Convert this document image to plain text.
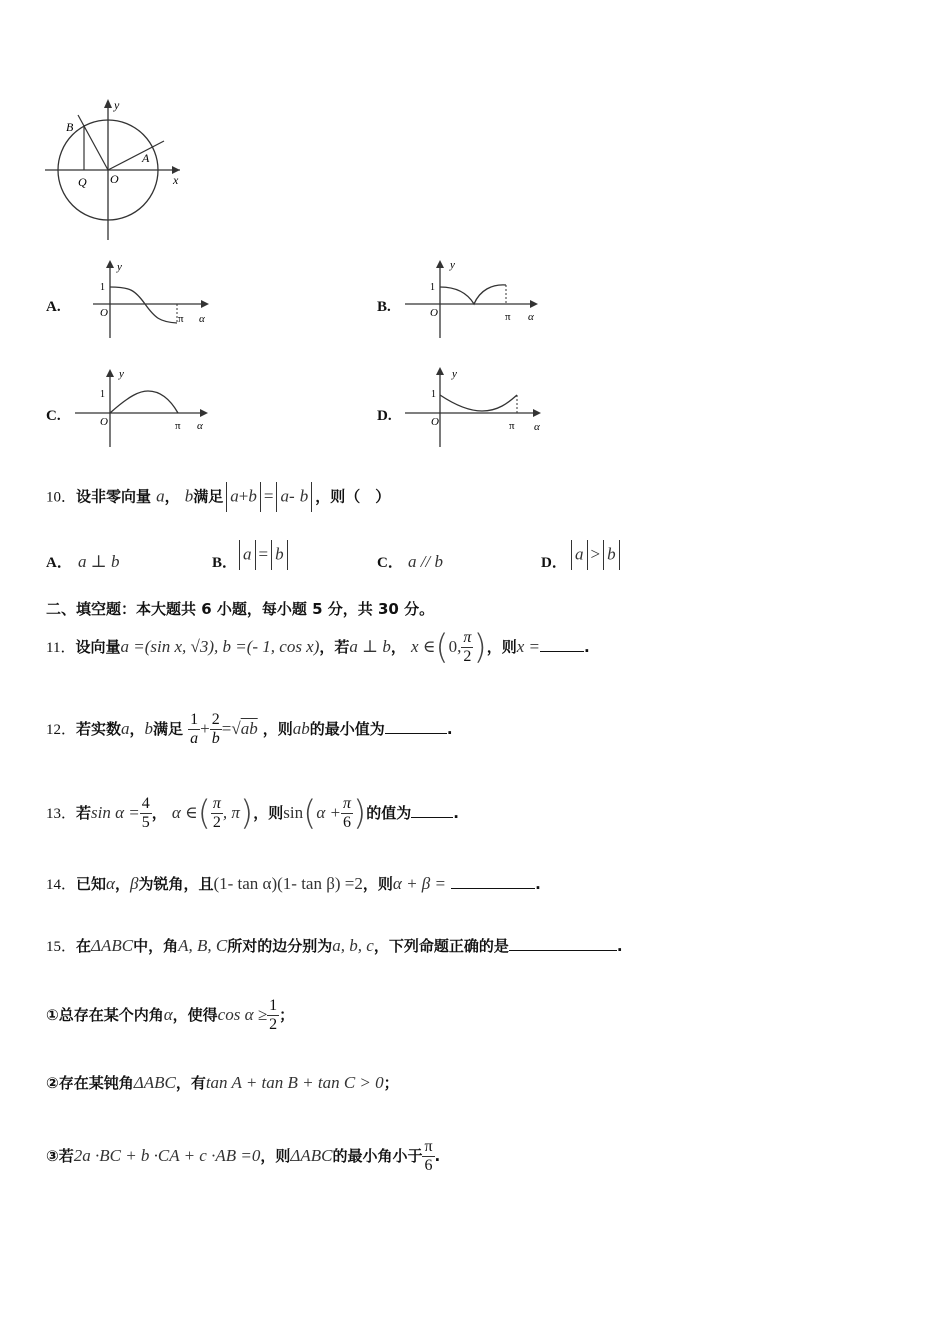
y
x
B
A
Q O
A.
y
1
O	π α
B.
y
1
O	π α
C.
y
1
O	π α
D.
y
1
O	π α
10．设非零向量 a， b满足 a+b = a- b ，则（　）
A． a ⊥ b	B． a = b	C． a // b	D． a > b
二、填空题：本大题共 6 小题，每小题 5 分，共 30 分。
11．设向量a =(sin x, √3), b =(- 1, cos x)，若a ⊥ b， x ∈(0, $\frac{\pi}{2}$ )，则x =	.
12．若实数a，b满足 $\frac{1}{a} + \frac{2}{b} =√ab$ ，则ab的最小值为	.
13．若$\sin \alpha = \frac{4}{5}$ ， α ∈( $\frac{\pi}{2}$ , π)，则$\sin(\alpha + \frac{\pi}{6}$ )的值为	.
14．已知α，β为锐角，且(1- tan α)(1- tan β) =2，则α + β =	.
15．在ΔABC中，角A, B, C所对的边分别为a, b, c，下列命题正确的是	.
①总存在某个内角α，使得$\cos \alpha \ge \frac{1}{2}$ ；
②存在某钝角ΔABC，有tan A + tan B + tan C > 0；
③若2a ·BC + b ·CA + c ·AB =0，则ΔABC的最小角小于 $\frac{\pi}{6}$ .
